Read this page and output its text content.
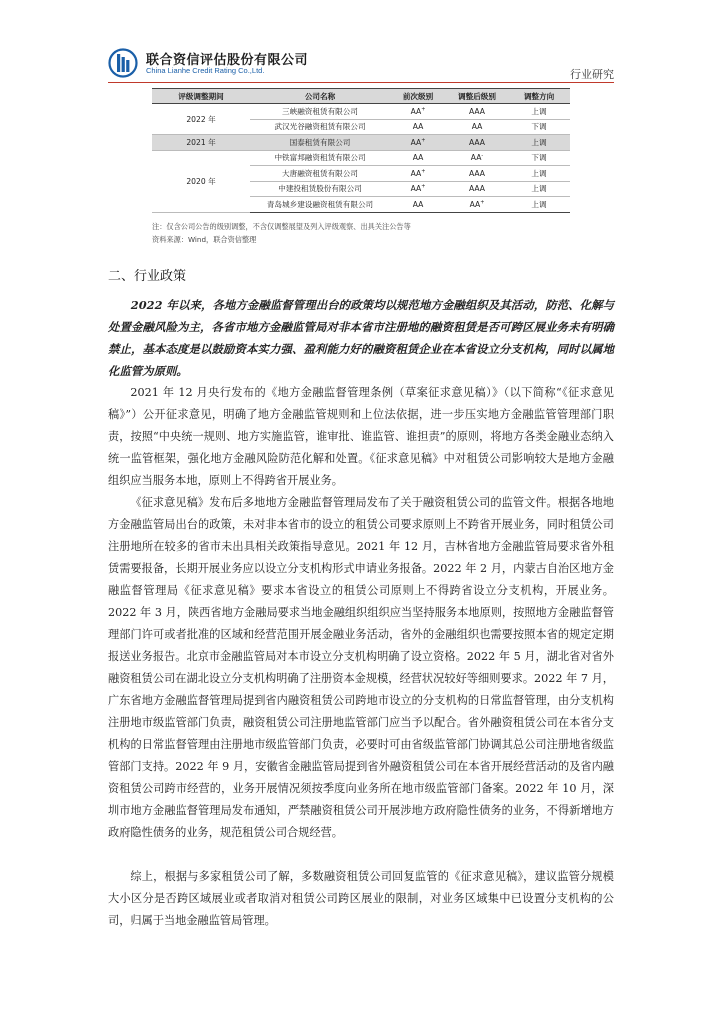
联合资信评估股份有限公司
China Lianhe Credit Rating Co.,Ltd.	行业研究
评级调整期间	公司名称	前次级别	调整后级别	调整方向
2022 年	三峡融资租赁有限公司	AA+	AAA	上调
	武汉光谷融资租赁有限公司	AA	AA	下调
2021 年	国泰租赁有限公司	AA+	AAA	上调
2020 年	中铁富邦融资租赁有限公司	AA	AA-	下调
	大唐融资租赁有限公司	AA+	AAA	上调
	中建投租赁股份有限公司	AA+	AAA	上调
	青岛城乡建设融资租赁有限公司	AA	AA+	上调
注：仅含公司公告的级别调整，不含仅调整展望及列入评级观察、出具关注公告等
资料来源：Wind，联合资信整理
二、行业政策

2022 年以来，各地方金融监督管理出台的政策均以规范地方金融组织及其活动，防范、化解与处置金融风险为主，各省市地方金融监管局对非本省市注册地的融资租赁是否可跨区展业务未有明确禁止，基本态度是以鼓励资本实力强、盈利能力好的融资租赁企业在本省设立分支机构，同时以属地化监管为原则。

2021 年 12 月央行发布的《地方金融监督管理条例（草案征求意见稿）》（以下简称“《征求意见稿》”）公开征求意见，明确了地方金融监管规则和上位法依据，进一步压实地方金融监管管理部门职责，按照“中央统一规则、地方实施监管，谁审批、谁监管、谁担责”的原则，将地方各类金融业态纳入统一监管框架，强化地方金融风险防范化解和处置。《征求意见稿》中对租赁公司影响较大是地方金融组织应当服务本地，原则上不得跨省开展业务。

《征求意见稿》发布后多地地方金融监督管理局发布了关于融资租赁公司的监管文件。根据各地地方金融监管局出台的政策，未对非本省市的设立的租赁公司要求原则上不跨省开展业务，同时租赁公司注册地所在较多的省市未出具相关政策指导意见。2021 年 12 月，吉林省地方金融监管局要求省外租赁需要报备，长期开展业务应以设立分支机构形式申请业务报备。2022 年 2 月，内蒙古自治区地方金融监督管理局《征求意见稿》要求本省设立的租赁公司原则上不得跨省设立分支机构，开展业务。2022 年 3 月，陕西省地方金融局要求当地金融组织组织应当坚持服务本地原则，按照地方金融监督管理部门许可或者批准的区域和经营范围开展金融业务活动，省外的金融组织也需要按照本省的规定定期报送业务报告。北京市金融监管局对本市设立分支机构明确了设立资格。2022 年 5 月，湖北省对省外融资租赁公司在湖北设立分支机构明确了注册资本金规模，经营状况较好等细则要求。2022 年 7 月，广东省地方金融监督管理局提到省内融资租赁公司跨地市设立的分支机构的日常监督管理，由分支机构注册地市级监管部门负责，融资租赁公司注册地监管部门应当予以配合。省外融资租赁公司在本省分支机构的日常监督管理由注册地市级监管部门负责，必要时可由省级监管部门协调其总公司注册地省级监管部门支持。2022 年 9 月，安徽省金融监管局提到省外融资租赁公司在本省开展经营活动的及省内融资租赁公司跨市经营的，业务开展情况须按季度向业务所在地市级监管部门备案。2022 年 10 月，深圳市地方金融监督管理局发布通知，严禁融资租赁公司开展涉地方政府隐性债务的业务，不得新增地方政府隐性债务的业务，规范租赁公司合规经营。

综上，根据与多家租赁公司了解，多数融资租赁公司回复监管的《征求意见稿》，建议监管分规模大小区分是否跨区域展业或者取消对租赁公司跨区展业的限制，对业务区域集中已设置分支机构的公司，归属于当地金融监管局管理。
